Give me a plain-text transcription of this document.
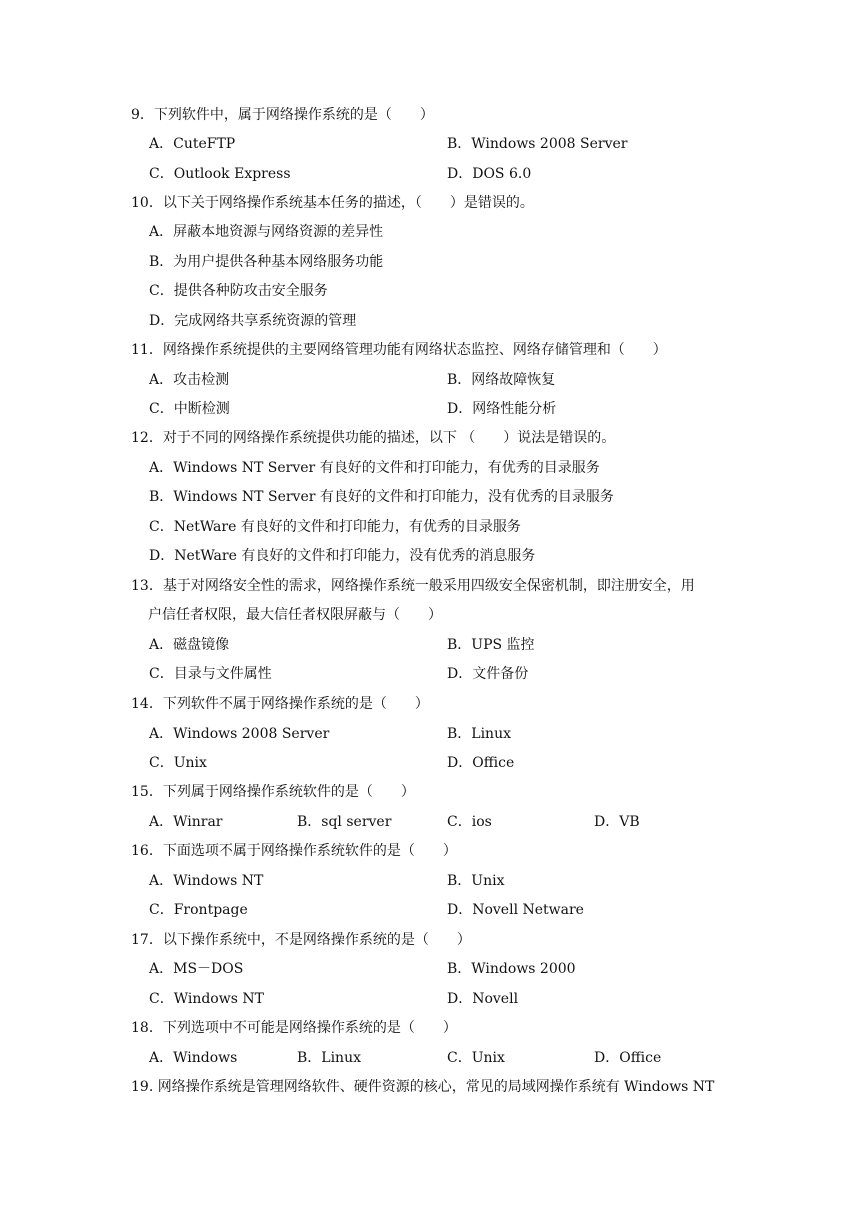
9．下列软件中，属于网络操作系统的是（　　）
A．CuteFTP	B．Windows 2008 Server
C．Outlook Express	D．DOS 6.0
10．以下关于网络操作系统基本任务的描述，（　　）是错误的。
A．屏蔽本地资源与网络资源的差异性
B．为用户提供各种基本网络服务功能
C．提供各种防攻击安全服务
D．完成网络共享系统资源的管理
11．网络操作系统提供的主要网络管理功能有网络状态监控、网络存储管理和（　　）
A．攻击检测	B．网络故障恢复
C．中断检测	D．网络性能分析
12．对于不同的网络操作系统提供功能的描述，以下 （　　）说法是错误的。
A．Windows NT Server 有良好的文件和打印能力，有优秀的目录服务
B．Windows NT Server 有良好的文件和打印能力，没有优秀的目录服务
C．NetWare 有良好的文件和打印能力，有优秀的目录服务
D．NetWare 有良好的文件和打印能力，没有优秀的消息服务
13．基于对网络安全性的需求，网络操作系统一般采用四级安全保密机制，即注册安全，用
户信任者权限，最大信任者权限屏蔽与（　　）
A．磁盘镜像	B．UPS 监控
C．目录与文件属性	D．文件备份
14．下列软件不属于网络操作系统的是（　　）
A．Windows 2008 Server	B．Linux
C．Unix	D．Office
15．下列属于网络操作系统软件的是（　　）
A．Winrar	B．sql server	C．ios	D．VB
16．下面选项不属于网络操作系统软件的是（　　）
A．Windows NT	B．Unix
C．Frontpage	D．Novell Netware
17．以下操作系统中，不是网络操作系统的是（　　）
A．MS－DOS	B．Windows 2000
C．Windows NT	D．Novell
18．下列选项中不可能是网络操作系统的是（　　）
A．Windows	B．Linux	C．Unix	D．Office
19. 网络操作系统是管理网络软件、硬件资源的核心，常见的局域网操作系统有 Windows NT
